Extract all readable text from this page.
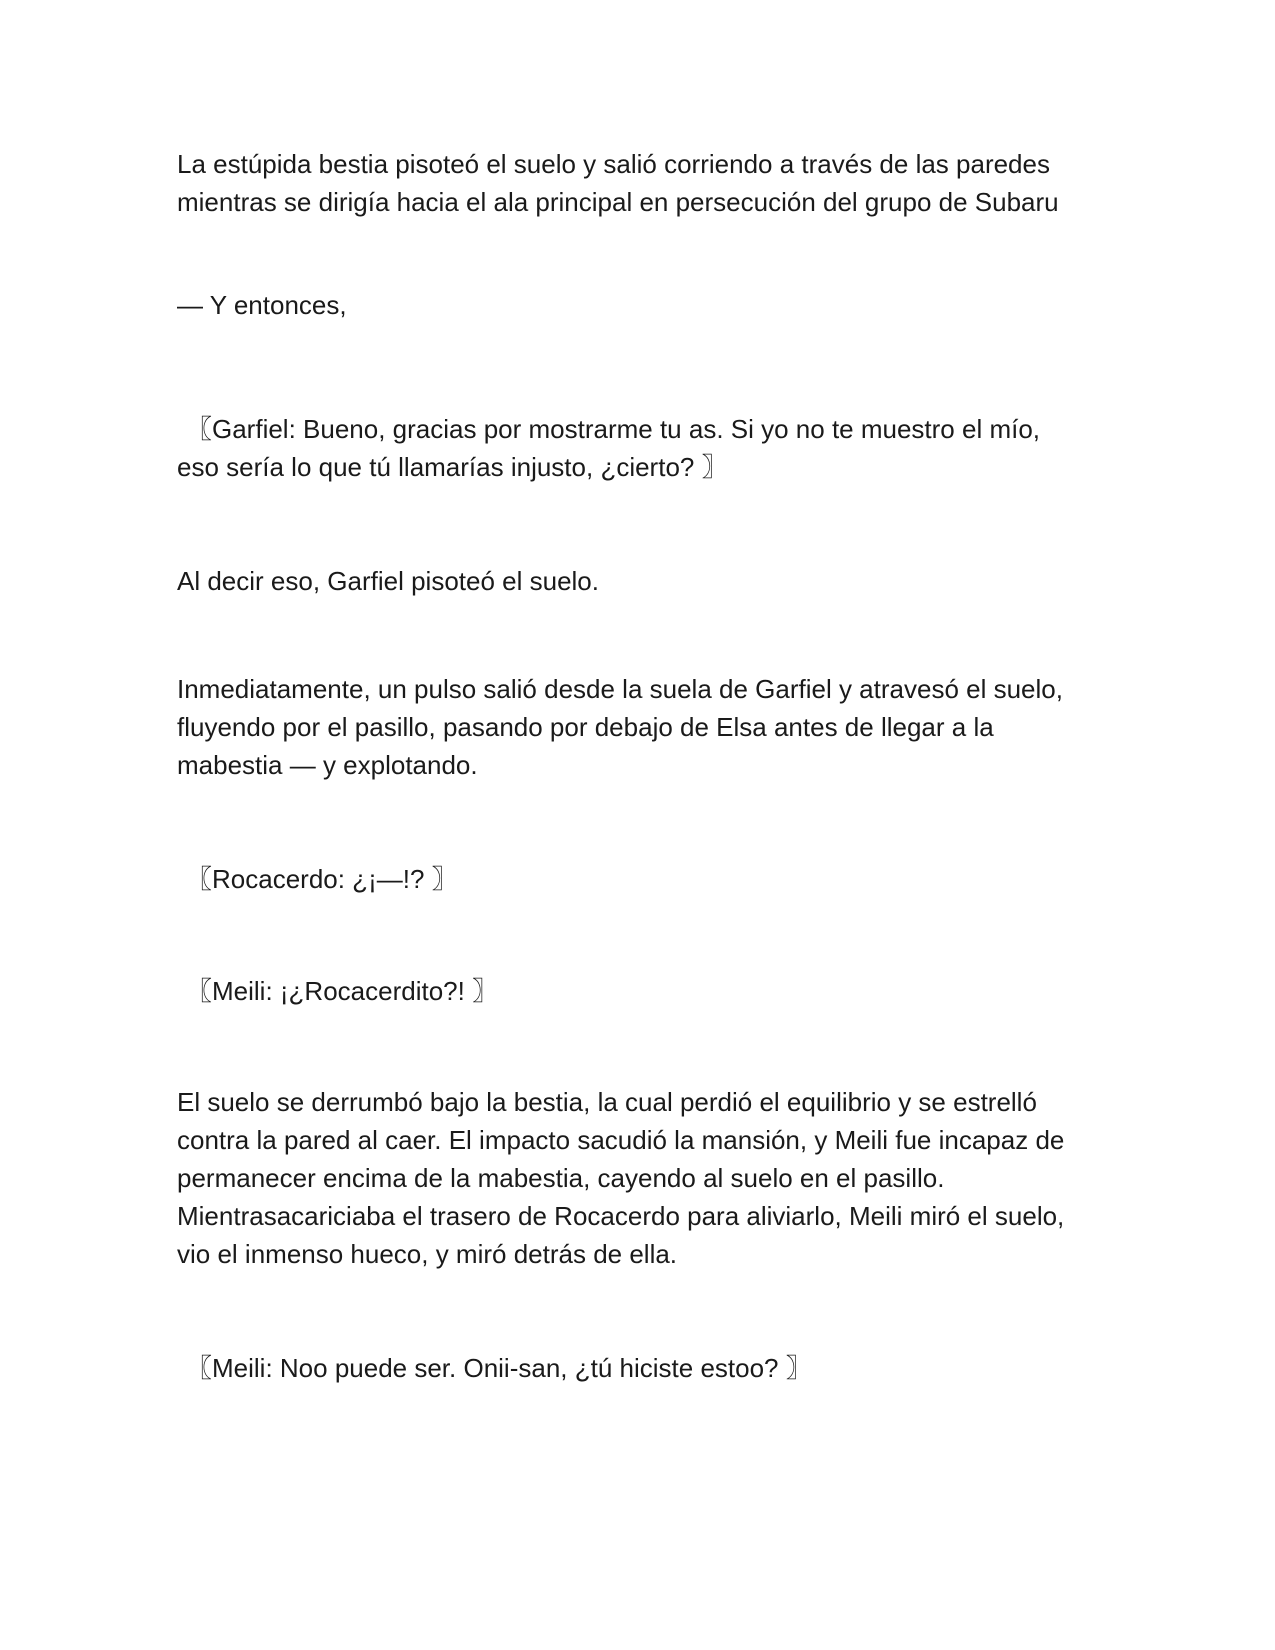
La estúpida bestia pisoteó el suelo y salió corriendo a través de las paredes
mientras se dirigía hacia el ala principal en persecución del grupo de Subaru

— Y entonces,

〖Garfiel: Bueno, gracias por mostrarme tu as. Si yo no te muestro el mío,
eso sería lo que tú llamarías injusto, ¿cierto? 〗

Al decir eso, Garfiel pisoteó el suelo.

Inmediatamente, un pulso salió desde la suela de Garfiel y atravesó el suelo,
fluyendo por el pasillo, pasando por debajo de Elsa antes de llegar a la
mabestia — y explotando.

〖Rocacerdo: ¿¡—!? 〗

〖Meili: ¡¿Rocacerdito?! 〗

El suelo se derrumbó bajo la bestia, la cual perdió el equilibrio y se estrelló
contra la pared al caer. El impacto sacudió la mansión, y Meili fue incapaz de
permanecer encima de la mabestia, cayendo al suelo en el pasillo.
Mientrasacariciaba el trasero de Rocacerdo para aliviarlo, Meili miró el suelo,
vio el inmenso hueco, y miró detrás de ella.

〖Meili: Noo puede ser. Onii-san, ¿tú hiciste estoo? 〗
